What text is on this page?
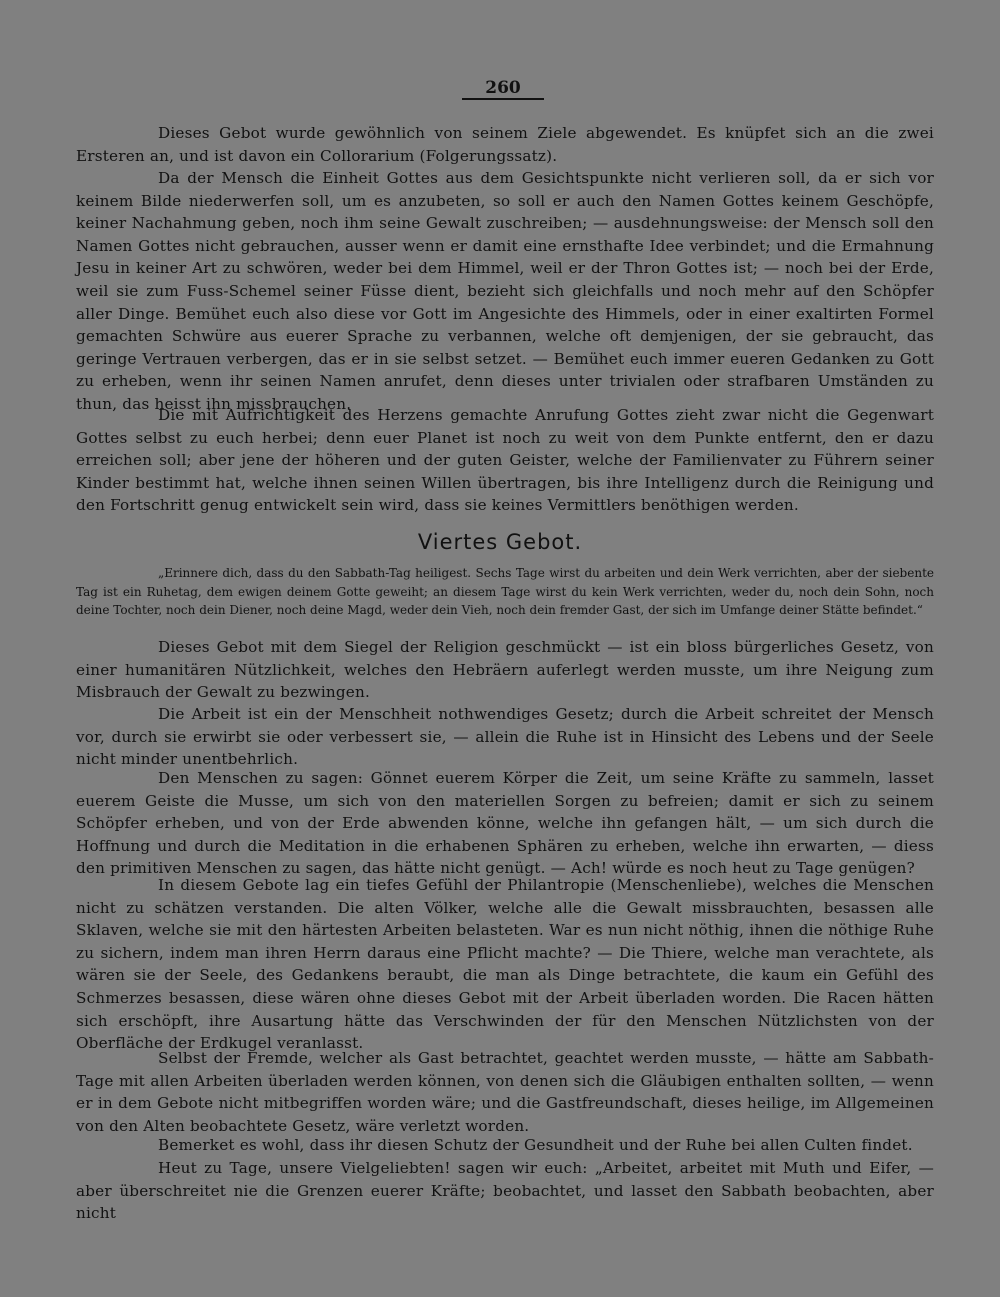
260
Dieses Gebot wurde gewöhnlich von seinem Ziele abgewendet. Es knüpfet sich an die zwei Ersteren an, und ist davon ein Collorarium (Folgerungssatz).
Da der Mensch die Einheit Gottes aus dem Gesichtspunkte nicht verlieren soll, da er sich vor keinem Bilde niederwerfen soll, um es anzubeten, so soll er auch den Namen Gottes keinem Geschöpfe, keiner Nachahmung geben, noch ihm seine Gewalt zuschreiben; — ausdehnungsweise: der Mensch soll den Namen Gottes nicht gebrauchen, ausser wenn er damit eine ernsthafte Idee verbindet; und die Ermahnung Jesu in keiner Art zu schwören, weder bei dem Himmel, weil er der Thron Gottes ist; — noch bei der Erde, weil sie zum Fuss-Schemel seiner Füsse dient, bezieht sich gleichfalls und noch mehr auf den Schöpfer aller Dinge. Bemühet euch also diese vor Gott im Angesichte des Himmels, oder in einer exaltirten Formel gemachten Schwüre aus euerer Sprache zu verbannen, welche oft demjenigen, der sie gebraucht, das geringe Vertrauen verbergen, das er in sie selbst setzet. — Bemühet euch immer eueren Gedanken zu Gott zu erheben, wenn ihr seinen Namen anrufet, denn dieses unter trivialen oder strafbaren Umständen zu thun, das heisst ihn missbrauchen.
Die mit Aufrichtigkeit des Herzens gemachte Anrufung Gottes zieht zwar nicht die Gegenwart Gottes selbst zu euch herbei; denn euer Planet ist noch zu weit von dem Punkte entfernt, den er dazu erreichen soll; aber jene der höheren und der guten Geister, welche der Familienvater zu Führern seiner Kinder bestimmt hat, welche ihnen seinen Willen übertragen, bis ihre Intelligenz durch die Reinigung und den Fortschritt genug entwickelt sein wird, dass sie keines Vermittlers benöthigen werden.
Viertes Gebot.
„Erinnere dich, dass du den Sabbath-Tag heiligest. Sechs Tage wirst du arbeiten und dein Werk verrichten, aber der siebente Tag ist ein Ruhetag, dem ewigen deinem Gotte geweiht; an diesem Tage wirst du kein Werk verrichten, weder du, noch dein Sohn, noch deine Tochter, noch dein Diener, noch deine Magd, weder dein Vieh, noch dein fremder Gast, der sich im Umfange deiner Stätte befindet.“
Dieses Gebot mit dem Siegel der Religion geschmückt — ist ein bloss bürgerliches Gesetz, von einer humanitären Nützlichkeit, welches den Hebräern auferlegt werden musste, um ihre Neigung zum Misbrauch der Gewalt zu bezwingen.
Die Arbeit ist ein der Menschheit nothwendiges Gesetz; durch die Arbeit schreitet der Mensch vor, durch sie erwirbt sie oder verbessert sie, — allein die Ruhe ist in Hinsicht des Lebens und der Seele nicht minder unentbehrlich.
Den Menschen zu sagen: Gönnet euerem Körper die Zeit, um seine Kräfte zu sammeln, lasset euerem Geiste die Musse, um sich von den materiellen Sorgen zu befreien; damit er sich zu seinem Schöpfer erheben, und von der Erde abwenden könne, welche ihn gefangen hält, — um sich durch die Hoffnung und durch die Meditation in die erhabenen Sphären zu erheben, welche ihn erwarten, — diess den primitiven Menschen zu sagen, das hätte nicht genügt. — Ach! würde es noch heut zu Tage genügen?
In diesem Gebote lag ein tiefes Gefühl der Philantropie (Menschenliebe), welches die Menschen nicht zu schätzen verstanden. Die alten Völker, welche alle die Gewalt missbrauchten, besassen alle Sklaven, welche sie mit den härtesten Arbeiten belasteten. War es nun nicht nöthig, ihnen die nöthige Ruhe zu sichern, indem man ihren Herrn daraus eine Pflicht machte? — Die Thiere, welche man verachtete, als wären sie der Seele, des Gedankens beraubt, die man als Dinge betrachtete, die kaum ein Gefühl des Schmerzes besassen, diese wären ohne dieses Gebot mit der Arbeit überladen worden. Die Racen hätten sich erschöpft, ihre Ausartung hätte das Verschwinden der für den Menschen Nützlichsten von der Oberfläche der Erdkugel veranlasst.
Selbst der Fremde, welcher als Gast betrachtet, geachtet werden musste, — hätte am Sabbath-Tage mit allen Arbeiten überladen werden können, von denen sich die Gläubigen enthalten sollten, — wenn er in dem Gebote nicht mitbegriffen worden wäre; und die Gastfreundschaft, dieses heilige, im Allgemeinen von den Alten beobachtete Gesetz, wäre verletzt worden.
Bemerket es wohl, dass ihr diesen Schutz der Gesundheit und der Ruhe bei allen Culten findet.
Heut zu Tage, unsere Vielgeliebten! sagen wir euch: „Arbeitet, arbeitet mit Muth und Eifer, — aber überschreitet nie die Grenzen euerer Kräfte; beobachtet, und lasset den Sabbath beobachten, aber nicht
